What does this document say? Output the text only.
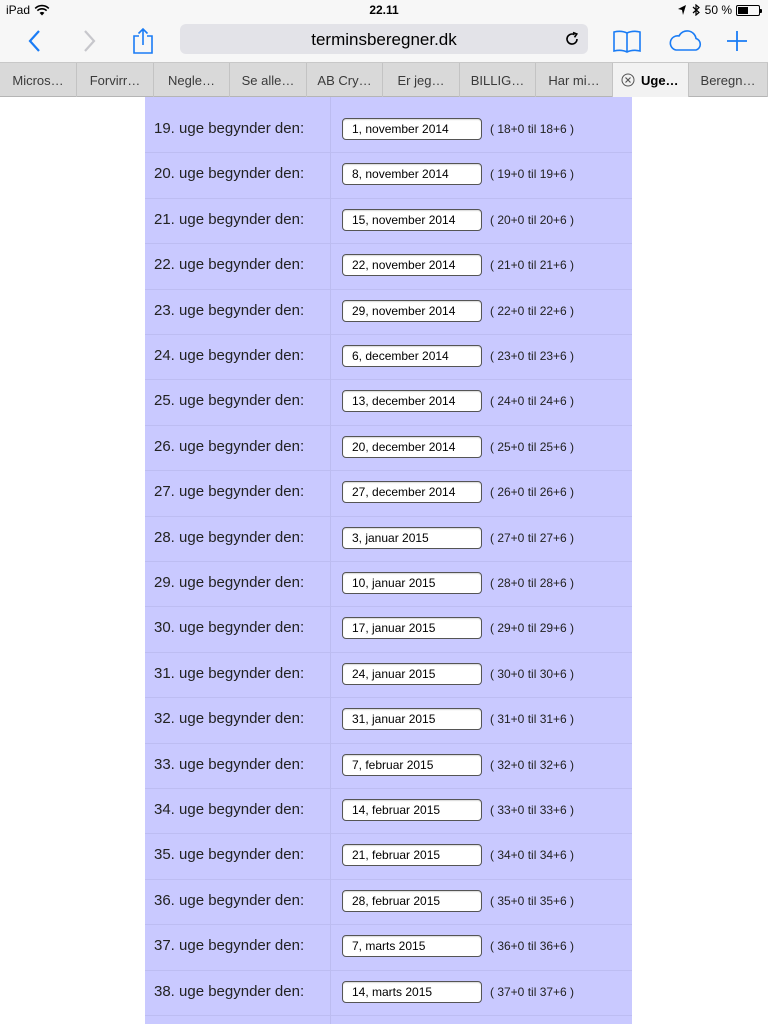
iPad	22.11	50 %
terminsberegner.dk
Micros… Forvirr… Negle… Se alle… AB Cry… Er jeg… BILLIG… Har mi…	Uge… Beregn…
19. uge begynder den:	1, november 2014	( 18+0 til 18+6 )
20. uge begynder den:	8, november 2014	( 19+0 til 19+6 )
21. uge begynder den:	15, november 2014	( 20+0 til 20+6 )
22. uge begynder den:	22, november 2014	( 21+0 til 21+6 )
23. uge begynder den:	29, november 2014	( 22+0 til 22+6 )
24. uge begynder den:	6, december 2014	( 23+0 til 23+6 )
25. uge begynder den:	13, december 2014	( 24+0 til 24+6 )
26. uge begynder den:	20, december 2014	( 25+0 til 25+6 )
27. uge begynder den:	27, december 2014	( 26+0 til 26+6 )
28. uge begynder den:	3, januar 2015	( 27+0 til 27+6 )
29. uge begynder den:	10, januar 2015	( 28+0 til 28+6 )
30. uge begynder den:	17, januar 2015	( 29+0 til 29+6 )
31. uge begynder den:	24, januar 2015	( 30+0 til 30+6 )
32. uge begynder den:	31, januar 2015	( 31+0 til 31+6 )
33. uge begynder den:	7, februar 2015	( 32+0 til 32+6 )
34. uge begynder den:	14, februar 2015	( 33+0 til 33+6 )
35. uge begynder den:	21, februar 2015	( 34+0 til 34+6 )
36. uge begynder den:	28, februar 2015	( 35+0 til 35+6 )
37. uge begynder den:	7, marts 2015	( 36+0 til 36+6 )
38. uge begynder den:	14, marts 2015	( 37+0 til 37+6 )
